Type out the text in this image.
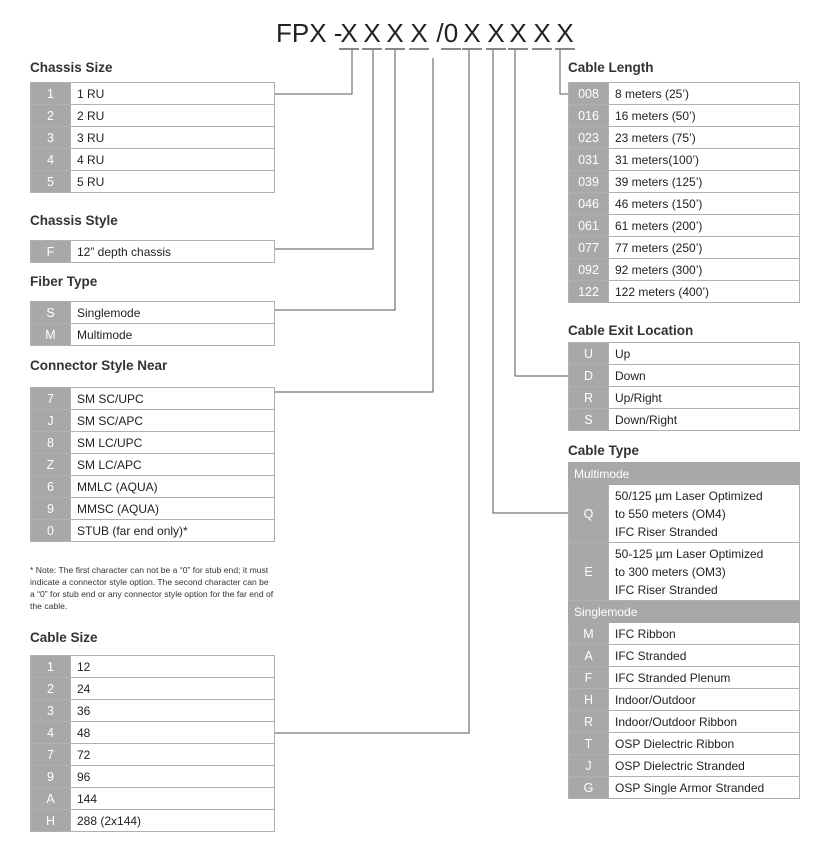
FPX -
X X X X / 0 X X X X X
Chassis Size
1	1 RU
2	2 RU
3	3 RU
4	4 RU
5	5 RU
Chassis Style
F	12” depth chassis
Fiber Type
S	Singlemode
M	Multimode
Connector Style Near
7	SM SC/UPC
J	SM SC/APC
8	SM LC/UPC
Z	SM LC/APC
6	MMLC (AQUA)
9	MMSC (AQUA)
0	STUB (far end only)*
* Note: The first character can not be a “0” for stub end; it must indicate a connector style option. The second character can be a “0” for stub end or any connector style option for the far end of the cable.
Cable Size
1	12
2	24
3	36
4	48
7	72
9	96
A	144
H	288 (2x144)
Cable Length
008	8 meters (25’)
016	16 meters (50’)
023	23 meters (75’)
031	31 meters(100’)
039	39 meters (125’)
046	46 meters (150’)
061	61 meters (200’)
077	77 meters (250’)
092	92 meters (300’)
122	122 meters (400’)
Cable Exit Location
U	Up
D	Down
R	Up/Right
S	Down/Right
Cable Type
Multimode	
Q	50/125 µm Laser Optimized
to 550 meters (OM4)
IFC Riser Stranded

E	50-125 µm Laser Optimized
to 300 meters (OM3)
IFC Riser Stranded

Singlemode	
M	IFC Ribbon
A	IFC Stranded
F	IFC Stranded Plenum
H	Indoor/Outdoor
R	Indoor/Outdoor Ribbon
T	OSP Dielectric Ribbon
J	OSP Dielectric Stranded
G	OSP Single Armor Stranded
